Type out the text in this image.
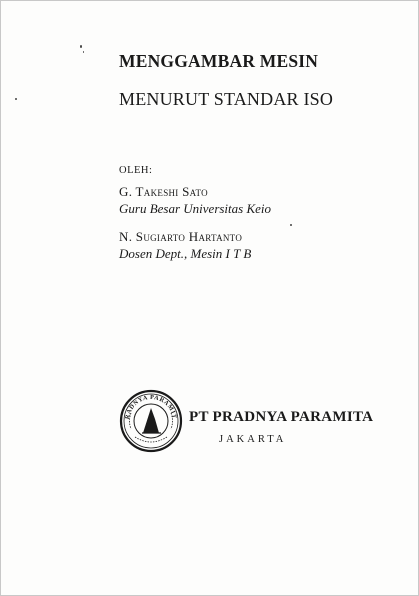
MENGGAMBAR MESIN
MENURUT STANDAR ISO
OLEH:
G. Takeshi Sato
Guru Besar Universitas Keio
N. Sugiarto Hartanto
Dosen Dept., Mesin I T B
RADNYA PARAMIT PT PRADNYA PARAMITA
JAKARTA
